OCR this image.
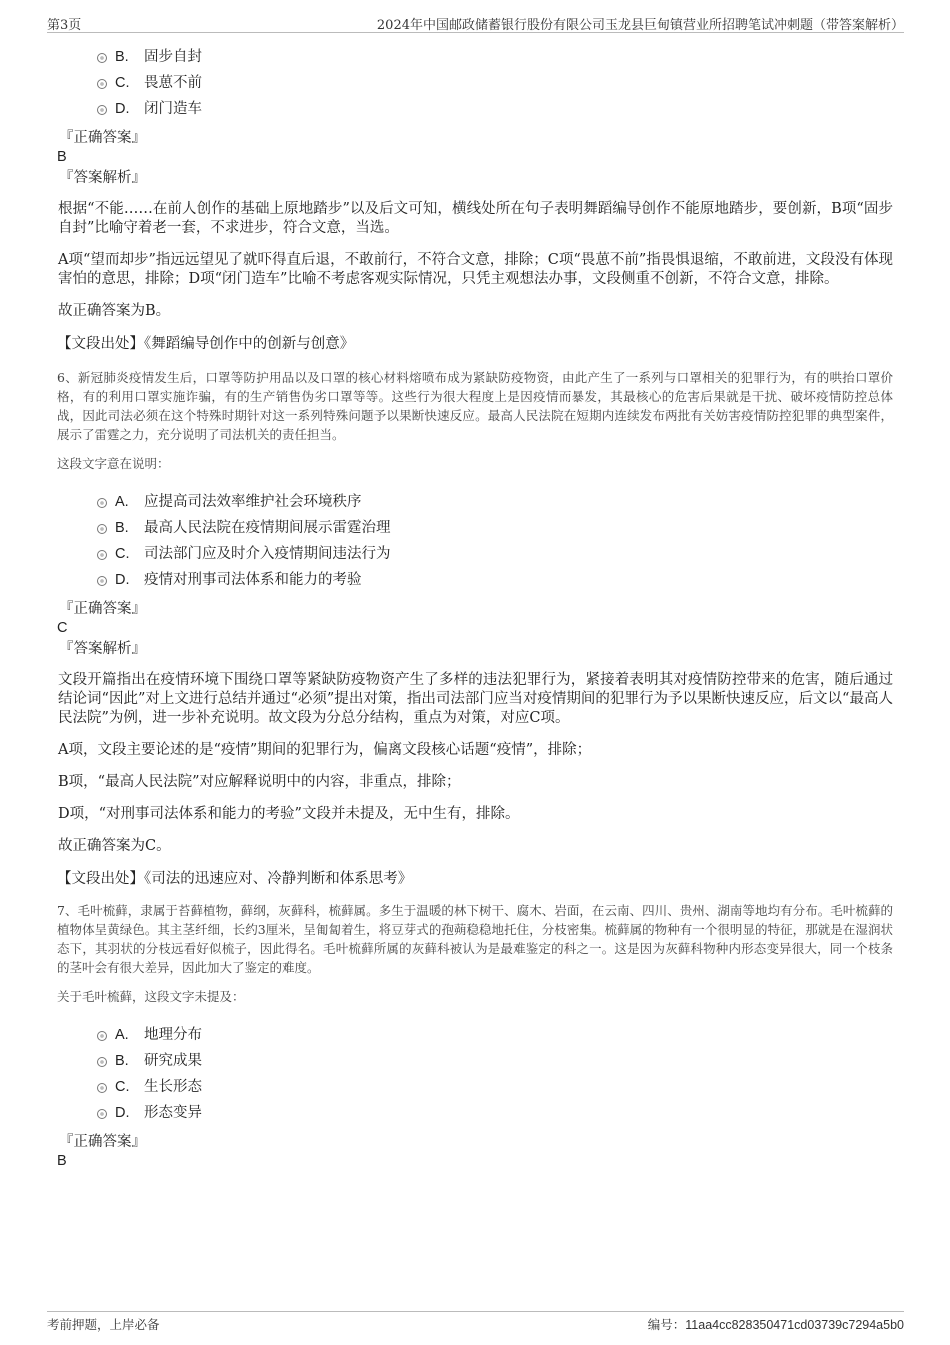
第3页	2024年中国邮政储蓄银行股份有限公司玉龙县巨甸镇营业所招聘笔试冲刺题（带答案解析）
B. 固步自封
C. 畏葸不前
D. 闭门造车
『正确答案』
B
『答案解析』

根据“不能……在前人创作的基础上原地踏步”以及后文可知，横线处所在句子表明舞蹈编导创作不能原地踏步，要创新，B项“固步自封”比喻守着老一套，不求进步，符合文意，当选。

A项“望而却步”指远远望见了就吓得直后退，不敢前行，不符合文意，排除；C项“畏葸不前”指畏惧退缩，不敢前进，文段没有体现害怕的意思，排除；D项“闭门造车”比喻不考虑客观实际情况，只凭主观想法办事，文段侧重不创新，不符合文意，排除。

故正确答案为B。

【文段出处】《舞蹈编导创作中的创新与创意》

6、新冠肺炎疫情发生后，口罩等防护用品以及口罩的核心材料熔喷布成为紧缺防疫物资，由此产生了一系列与口罩相关的犯罪行为，有的哄抬口罩价格，有的利用口罩实施诈骗，有的生产销售伪劣口罩等等。这些行为很大程度上是因疫情而暴发，其最核心的危害后果就是干扰、破坏疫情防控总体战，因此司法必须在这个特殊时期针对这一系列特殊问题予以果断快速反应。最高人民法院在短期内连续发布两批有关妨害疫情防控犯罪的典型案件，展示了雷霆之力，充分说明了司法机关的责任担当。

这段文字意在说明：

A. 应提高司法效率维护社会环境秩序
B. 最高人民法院在疫情期间展示雷霆治理
C. 司法部门应及时介入疫情期间违法行为
D. 疫情对刑事司法体系和能力的考验
『正确答案』
C
『答案解析』

文段开篇指出在疫情环境下围绕口罩等紧缺防疫物资产生了多样的违法犯罪行为，紧接着表明其对疫情防控带来的危害，随后通过结论词“因此”对上文进行总结并通过“必须”提出对策，指出司法部门应当对疫情期间的犯罪行为予以果断快速反应，后文以“最高人民法院”为例，进一步补充说明。故文段为分总分结构，重点为对策，对应C项。

A项，文段主要论述的是“疫情”期间的犯罪行为，偏离文段核心话题“疫情”，排除；

B项，“最高人民法院”对应解释说明中的内容，非重点，排除；

D项，“对刑事司法体系和能力的考验”文段并未提及，无中生有，排除。

故正确答案为C。

【文段出处】《司法的迅速应对、冷静判断和体系思考》

7、毛叶梳藓，隶属于苔藓植物，藓纲，灰藓科，梳藓属。多生于温暖的林下树干、腐木、岩面，在云南、四川、贵州、湖南等地均有分布。毛叶梳藓的植物体呈黄绿色。其主茎纤细，长约3厘米，呈匍匐着生，将豆芽式的孢蒴稳稳地托住，分枝密集。梳藓属的物种有一个很明显的特征，那就是在湿润状态下，其羽状的分枝远看好似梳子，因此得名。毛叶梳藓所属的灰藓科被认为是最难鉴定的科之一。这是因为灰藓科物种内形态变异很大，同一个枝条的茎叶会有很大差异，因此加大了鉴定的难度。

关于毛叶梳藓，这段文字未提及：

A. 地理分布
B. 研究成果
C. 生长形态
D. 形态变异
『正确答案』
B
考前押题，上岸必备	编号：11aa4cc828350471cd03739c7294a5b0
